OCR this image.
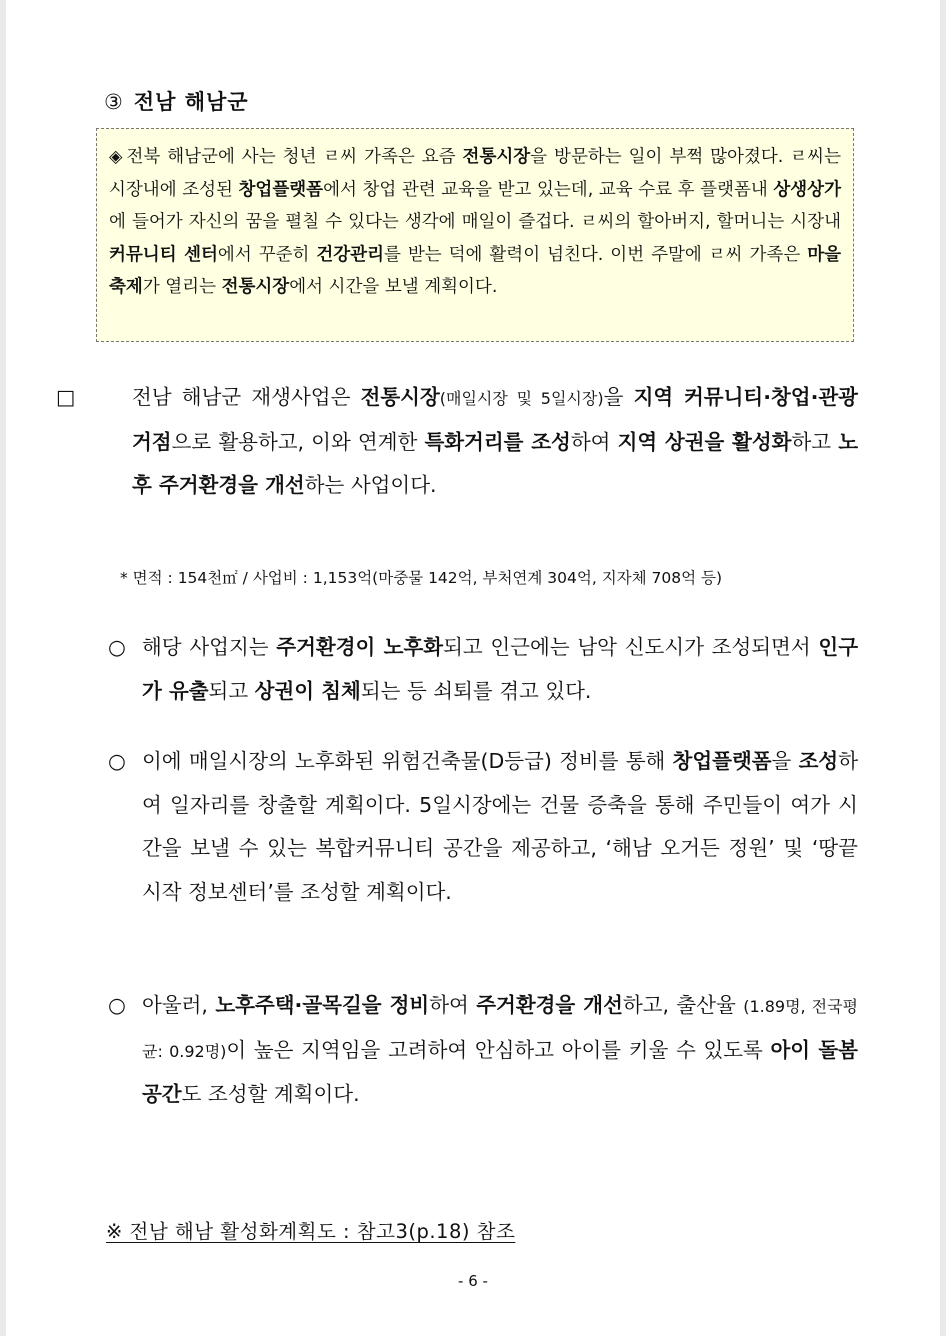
③ 전남 해남군
◈ 전북 해남군에 사는 청년 ㄹ씨 가족은 요즘 전통시장을 방문하는 일이 부쩍 많아졌다. ㄹ씨는 시장내에 조성된 창업플랫폼에서 창업 관련 교육을 받고 있는데, 교육 수료 후 플랫폼내 상생상가에 들어가 자신의 꿈을 펼칠 수 있다는 생각에 매일이 즐겁다. ㄹ씨의 할아버지, 할머니는 시장내 커뮤니티 센터에서 꾸준히 건강관리를 받는 덕에 활력이 넘친다. 이번 주말에 ㄹ씨 가족은 마을축제가 열리는 전통시장에서 시간을 보낼 계획이다.
□	전남 해남군 재생사업은 전통시장(매일시장 및 5일시장)을 지역 커뮤니티·창업·관광 거점으로 활용하고, 이와 연계한 특화거리를 조성하여 지역 상권을 활성화하고 노후 주거환경을 개선하는 사업이다.
* 면적 : 154천㎡ / 사업비 : 1,153억(마중물 142억, 부처연계 304억, 지자체 708억 등)
○ 해당 사업지는 주거환경이 노후화되고 인근에는 남악 신도시가 조성되면서 인구가 유출되고 상권이 침체되는 등 쇠퇴를 겪고 있다.
○ 이에 매일시장의 노후화된 위험건축물(D등급) 정비를 통해 창업플랫폼을 조성하여 일자리를 창출할 계획이다. 5일시장에는 건물 증축을 통해 주민들이 여가 시간을 보낼 수 있는 복합커뮤니티 공간을 제공하고, ‘해남 오거든 정원’ 및 ‘땅끝 시작 정보센터’를 조성할 계획이다.
○ 아울러, 노후주택·골목길을 정비하여 주거환경을 개선하고, 출산율 (1.89명, 전국평균: 0.92명)이 높은 지역임을 고려하여 안심하고 아이를 키울 수 있도록 아이 돌봄공간도 조성할 계획이다.
※ 전남 해남 활성화계획도 : 참고3(p.18) 참조
- 6 -
